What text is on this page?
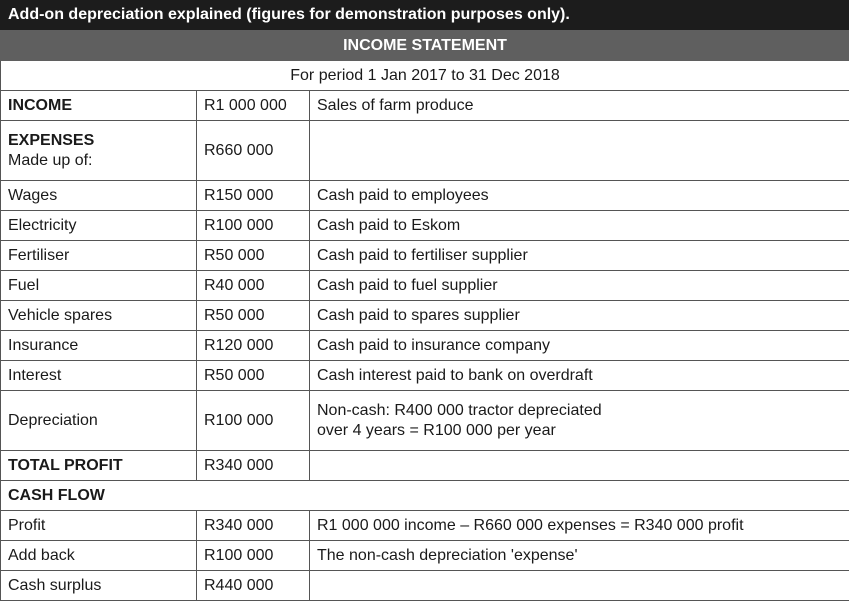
Add-on depreciation explained (figures for demonstration purposes only).
INCOME STATEMENT		
For period 1 Jan 2017 to 31 Dec 2018		
INCOME	R1 000 000	Sales of farm produce
EXPENSES
Made up of:	R660 000	
Wages	R150 000	Cash paid to employees
Electricity	R100 000	Cash paid to Eskom
Fertiliser	R50 000	Cash paid to fertiliser supplier
Fuel	R40 000	Cash paid to fuel supplier
Vehicle spares	R50 000	Cash paid to spares supplier
Insurance	R120 000	Cash paid to insurance company
Interest	R50 000	Cash interest paid to bank on overdraft
Depreciation	R100 000	Non-cash: R400 000 tractor depreciated
over 4 years = R100 000 per year

TOTAL PROFIT	R340 000	
CASH FLOW		
Profit	R340 000	R1 000 000 income – R660 000 expenses = R340 000 profit
Add back	R100 000	The non-cash depreciation 'expense'
Cash surplus	R440 000	
